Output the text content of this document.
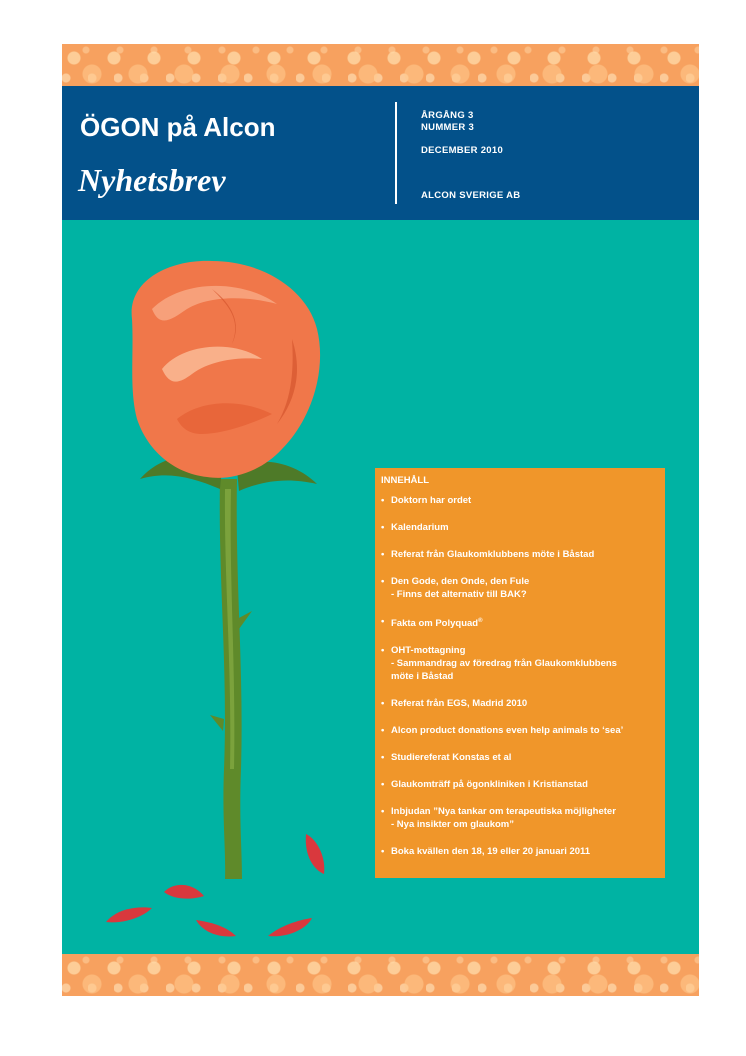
ÖGON på Alcon
Nyhetsbrev
ÅRGÅNG 3
NUMMER 3
DECEMBER 2010
ALCON SVERIGE AB
INNEHÅLL
• Doktorn har ordet
• Kalendarium
• Referat från Glaukomklubbens möte i Båstad
• Den Gode, den Onde, den Fule
- Finns det alternativ till BAK?
• Fakta om Polyquad®
• OHT-mottagning
- Sammandrag av föredrag från Glaukomklubbens
möte i Båstad
• Referat från EGS, Madrid 2010
• Alcon product donations even help animals to ‘sea’
• Studiereferat Konstas et al
• Glaukomträff på ögonkliniken i Kristianstad
• Inbjudan ”Nya tankar om terapeutiska möjligheter
- Nya insikter om glaukom”
• Boka kvällen den 18, 19 eller 20 januari 2011
